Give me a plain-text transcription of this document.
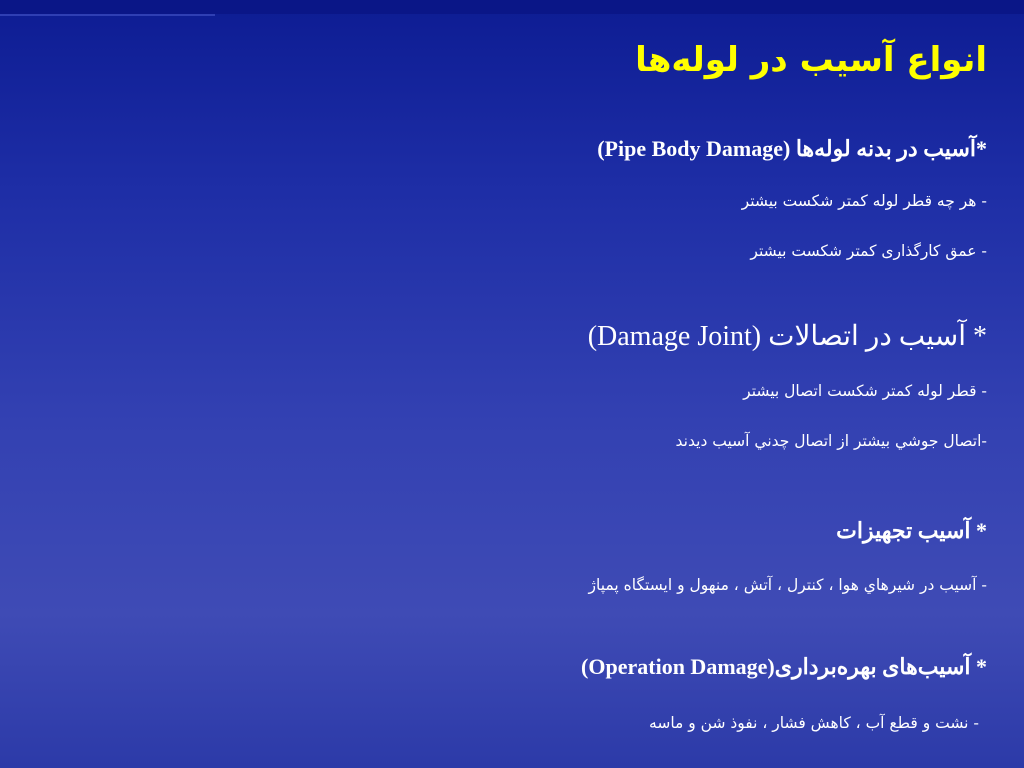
انواع آسیب در لوله‌ها
*آسیب در بدنه لوله‌ها (Pipe Body Damage)
- هر چه قطر لوله کمتر شکست بیشتر
- عمق کارگذاری کمتر شکست بیشتر
* آسیب در اتصالات (Damage Joint)
- قطر لوله کمتر شکست اتصال بیشتر
-اتصال جوشي بيشتر از اتصال چدني آسيب ديدند
* آسیب تجهیزات
- آسیب در شيرهاي هوا ، کنترل ، آتش ، منهول و ایستگاه پمپاژ
* آسیب‌های بهره‌برداری(Operation Damage)
- نشت و قطع آب ، کاهش فشار ، نفوذ شن و ماسه
